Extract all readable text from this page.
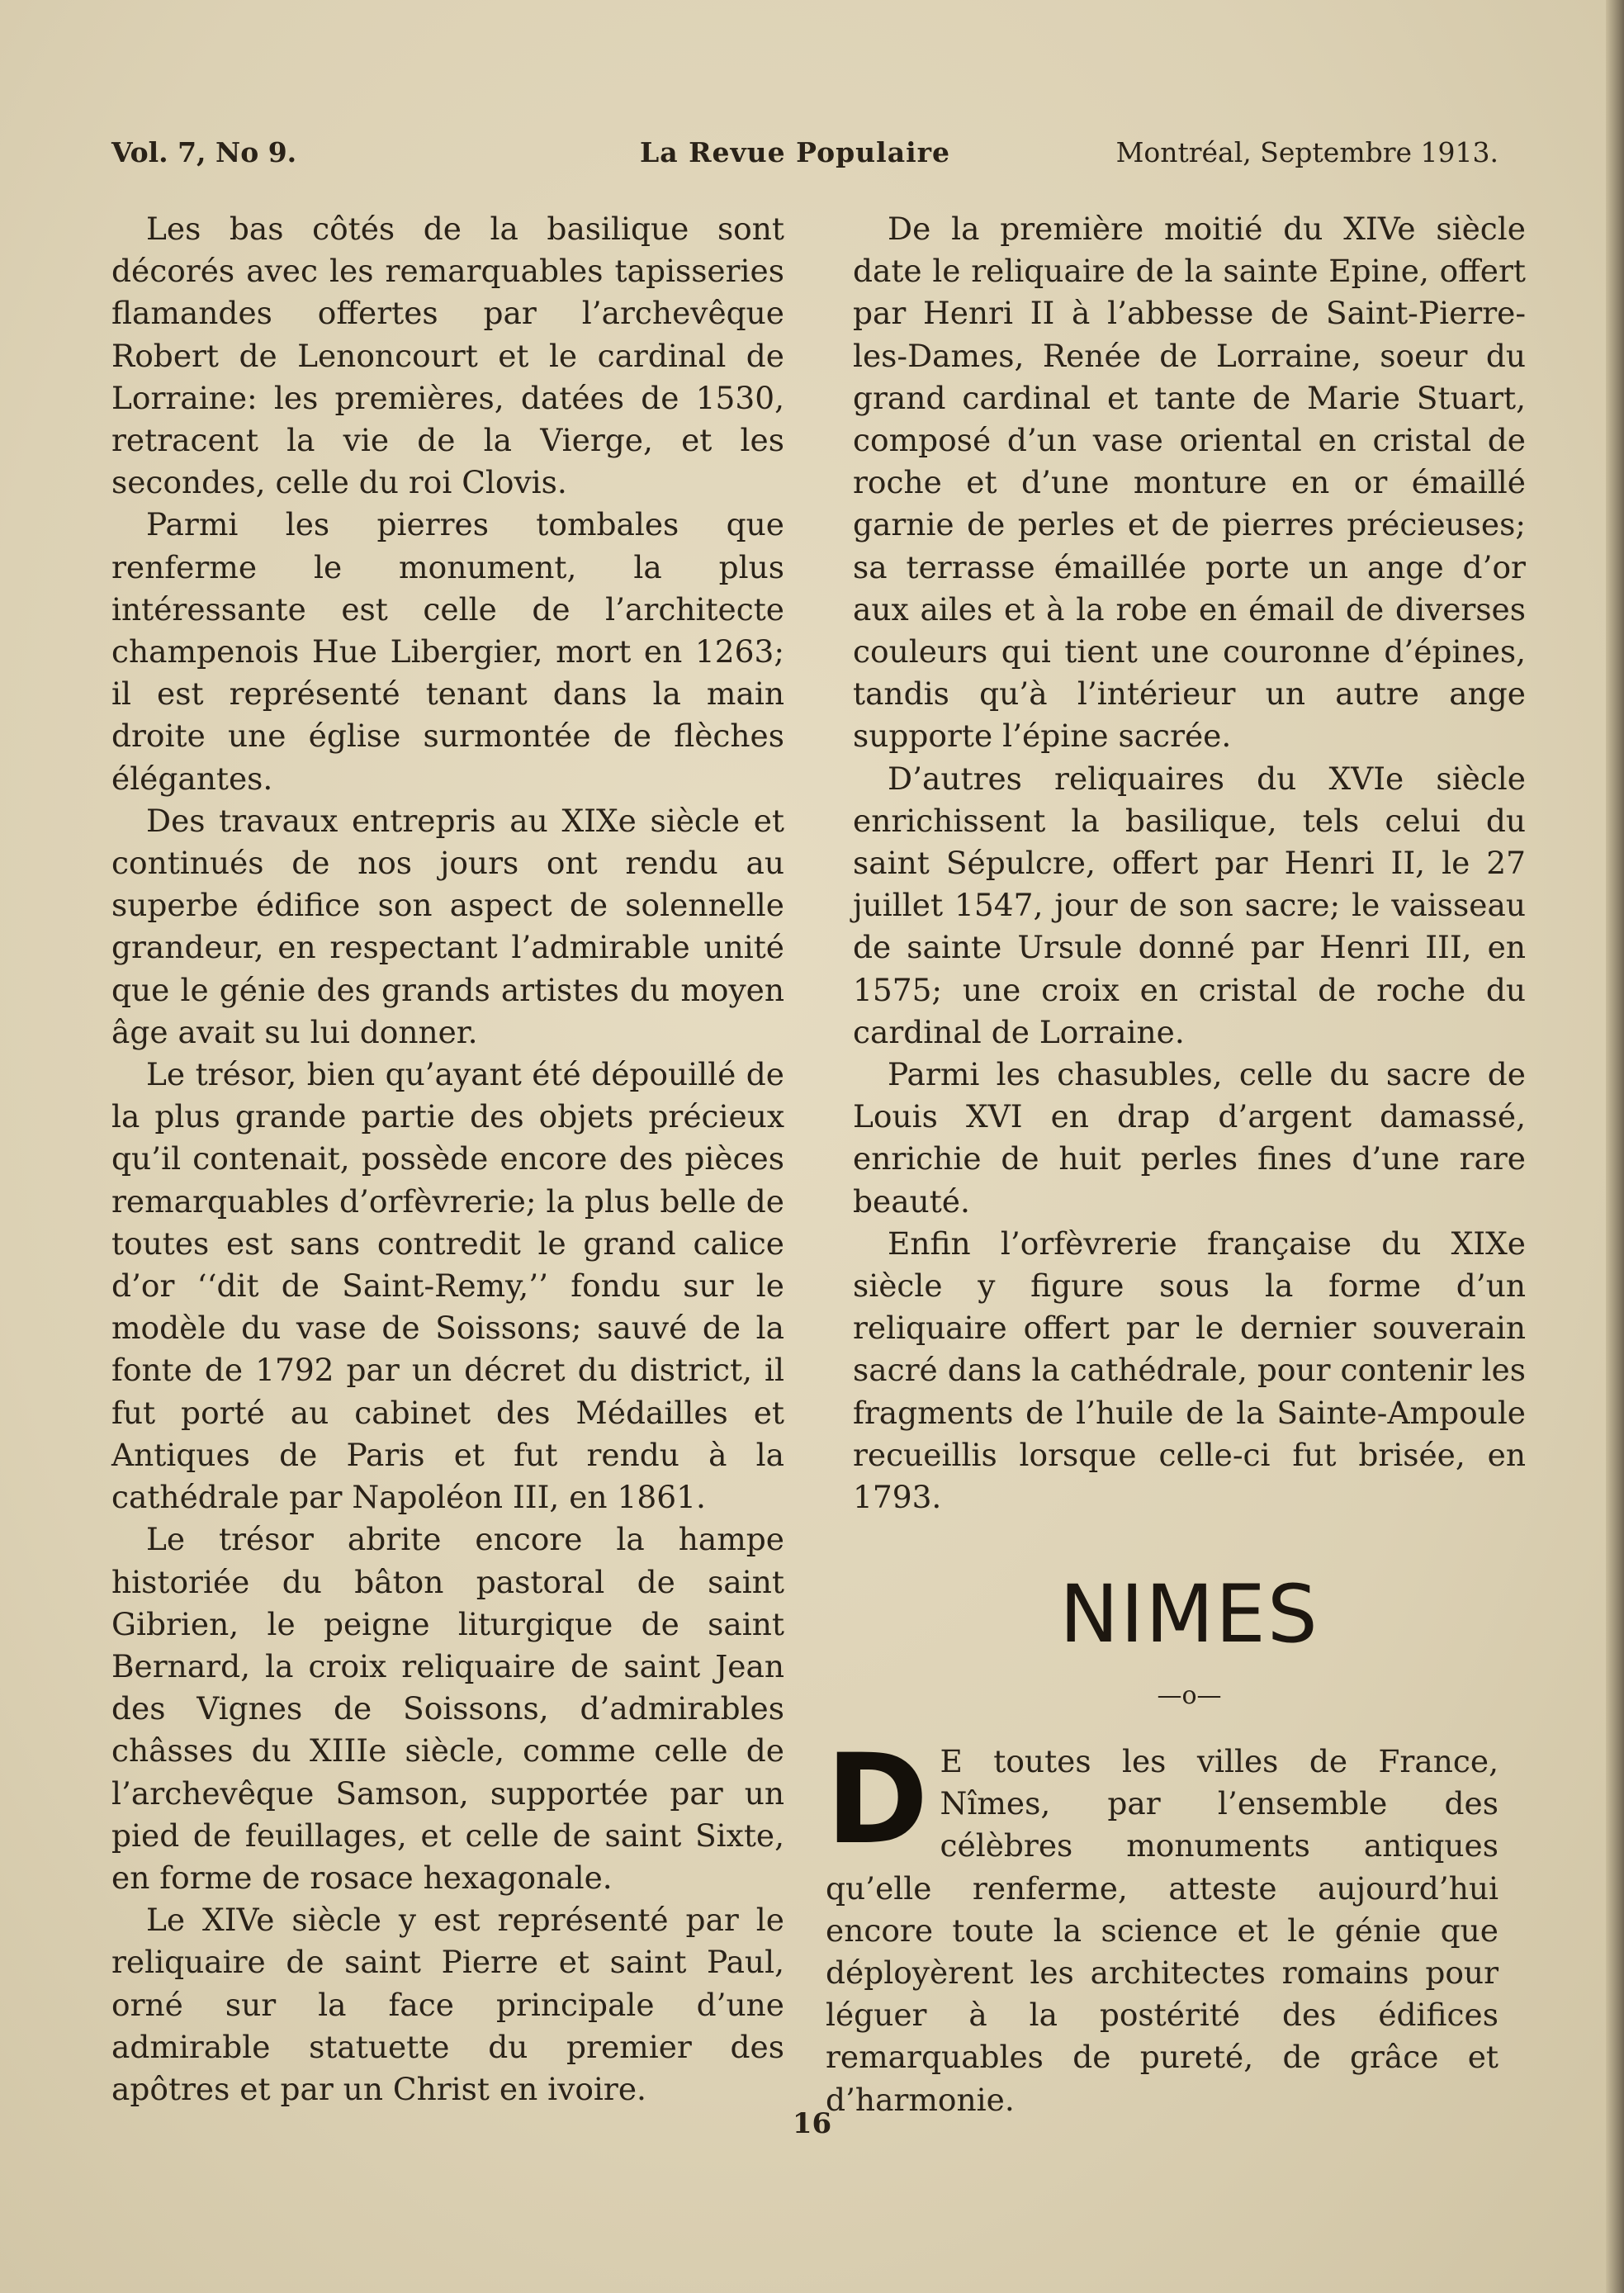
Vol. 7, No 9.	La Revue Populaire	Montréal, Septembre 1913.

Les bas côtés de la basilique sont décorés avec les remarquables tapisseries flamandes offertes par l’archevêque Robert de Lenoncourt et le cardinal de Lorraine: les premières, datées de 1530, retracent la vie de la Vierge, et les secondes, celle du roi Clovis.

Parmi les pierres tombales que renferme le monument, la plus intéressante est celle de l’architecte champenois Hue Libergier, mort en 1263; il est représenté tenant dans la main droite une église surmontée de flèches élégantes.

Des travaux entrepris au XIXe siècle et continués de nos jours ont rendu au superbe édifice son aspect de solennelle grandeur, en respectant l’admirable unité que le génie des grands artistes du moyen âge avait su lui donner.

Le trésor, bien qu’ayant été dépouillé de la plus grande partie des objets précieux qu’il contenait, possède encore des pièces remarquables d’orfèvrerie; la plus belle de toutes est sans contredit le grand calice d’or ‘‘dit de Saint-Remy,’’ fondu sur le modèle du vase de Soissons; sauvé de la fonte de 1792 par un décret du district, il fut porté au cabinet des Médailles et Antiques de Paris et fut rendu à la cathédrale par Napoléon III, en 1861.

Le trésor abrite encore la hampe historiée du bâton pastoral de saint Gibrien, le peigne liturgique de saint Bernard, la croix reliquaire de saint Jean des Vignes de Soissons, d’admirables châsses du XIIIe siècle, comme celle de l’archevêque Samson, supportée par un pied de feuillages, et celle de saint Sixte, en forme de rosace hexagonale.

Le XIVe siècle y est représenté par le reliquaire de saint Pierre et saint Paul, orné sur la face principale d’une admirable statuette du premier des apôtres et par un Christ en ivoire.

De la première moitié du XIVe siècle date le reliquaire de la sainte Epine, offert par Henri II à l’abbesse de Saint-Pierre-les-Dames, Renée de Lorraine, soeur du grand cardinal et tante de Marie Stuart, composé d’un vase oriental en cristal de roche et d’une monture en or émaillé garnie de perles et de pierres précieuses; sa terrasse émaillée porte un ange d’or aux ailes et à la robe en émail de diverses couleurs qui tient une couronne d’épines, tandis qu’à l’intérieur un autre ange supporte l’épine sacrée.

D’autres reliquaires du XVIe siècle enrichissent la basilique, tels celui du saint Sépulcre, offert par Henri II, le 27 juillet 1547, jour de son sacre; le vaisseau de sainte Ursule donné par Henri III, en 1575; une croix en cristal de roche du cardinal de Lorraine.

Parmi les chasubles, celle du sacre de Louis XVI en drap d’argent damassé, enrichie de huit perles fines d’une rare beauté.

Enfin l’orfèvrerie française du XIXe siècle y figure sous la forme d’un reliquaire offert par le dernier souverain sacré dans la cathédrale, pour contenir les fragments de l’huile de la Sainte-Ampoule recueillis lorsque celle-ci fut brisée, en 1793.

NIMES
—o—
D E toutes les villes de France, Nîmes, par l’ensemble des célèbres monuments antiques qu’elle renferme, atteste aujourd’hui encore toute la science et le génie que déployèrent les architectes romains pour léguer à la postérité des édifices remarquables de pureté, de grâce et d’harmonie.
16
